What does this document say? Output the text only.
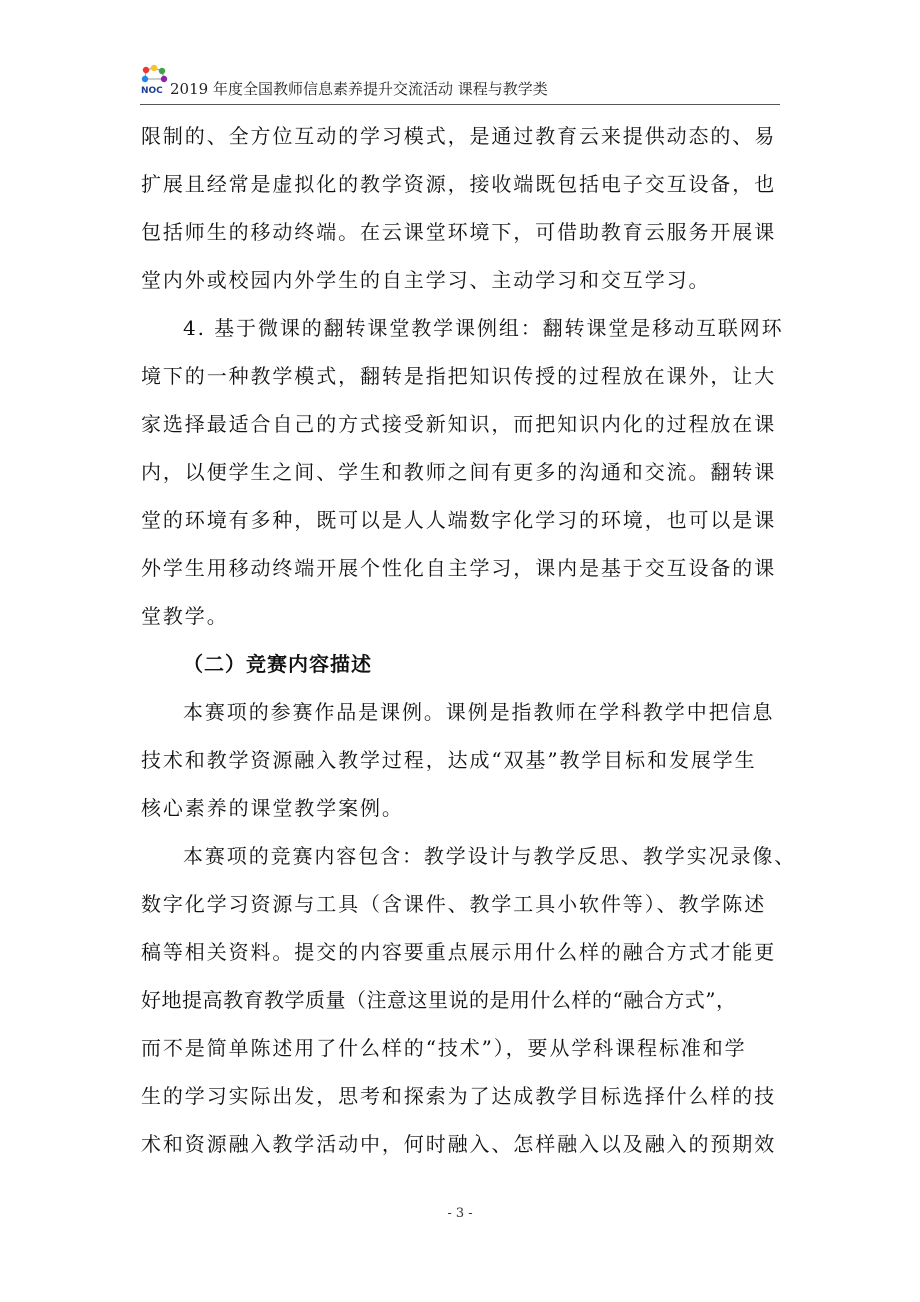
NOC 2019 年度全国教师信息素养提升交流活动 课程与教学类
限制的、全方位互动的学习模式，是通过教育云来提供动态的、易
扩展且经常是虚拟化的教学资源，接收端既包括电子交互设备，也
包括师生的移动终端。在云课堂环境下，可借助教育云服务开展课
堂内外或校园内外学生的自主学习、主动学习和交互学习。
4. 基于微课的翻转课堂教学课例组：翻转课堂是移动互联网环
境下的一种教学模式，翻转是指把知识传授的过程放在课外，让大
家选择最适合自己的方式接受新知识，而把知识内化的过程放在课
内，以便学生之间、学生和教师之间有更多的沟通和交流。翻转课
堂的环境有多种，既可以是人人端数字化学习的环境，也可以是课
外学生用移动终端开展个性化自主学习，课内是基于交互设备的课
堂教学。
（二）竞赛内容描述
本赛项的参赛作品是课例。课例是指教师在学科教学中把信息
技术和教学资源融入教学过程，达成“双基”教学目标和发展学生
核心素养的课堂教学案例。
本赛项的竞赛内容包含：教学设计与教学反思、教学实况录像、
数字化学习资源与工具（含课件、教学工具小软件等）、教学陈述
稿等相关资料。提交的内容要重点展示用什么样的融合方式才能更
好地提高教育教学质量（注意这里说的是用什么样的“融合方式”，
而不是简单陈述用了什么样的“技术”），要从学科课程标准和学
生的学习实际出发，思考和探索为了达成教学目标选择什么样的技
术和资源融入教学活动中，何时融入、怎样融入以及融入的预期效
- 3 -
